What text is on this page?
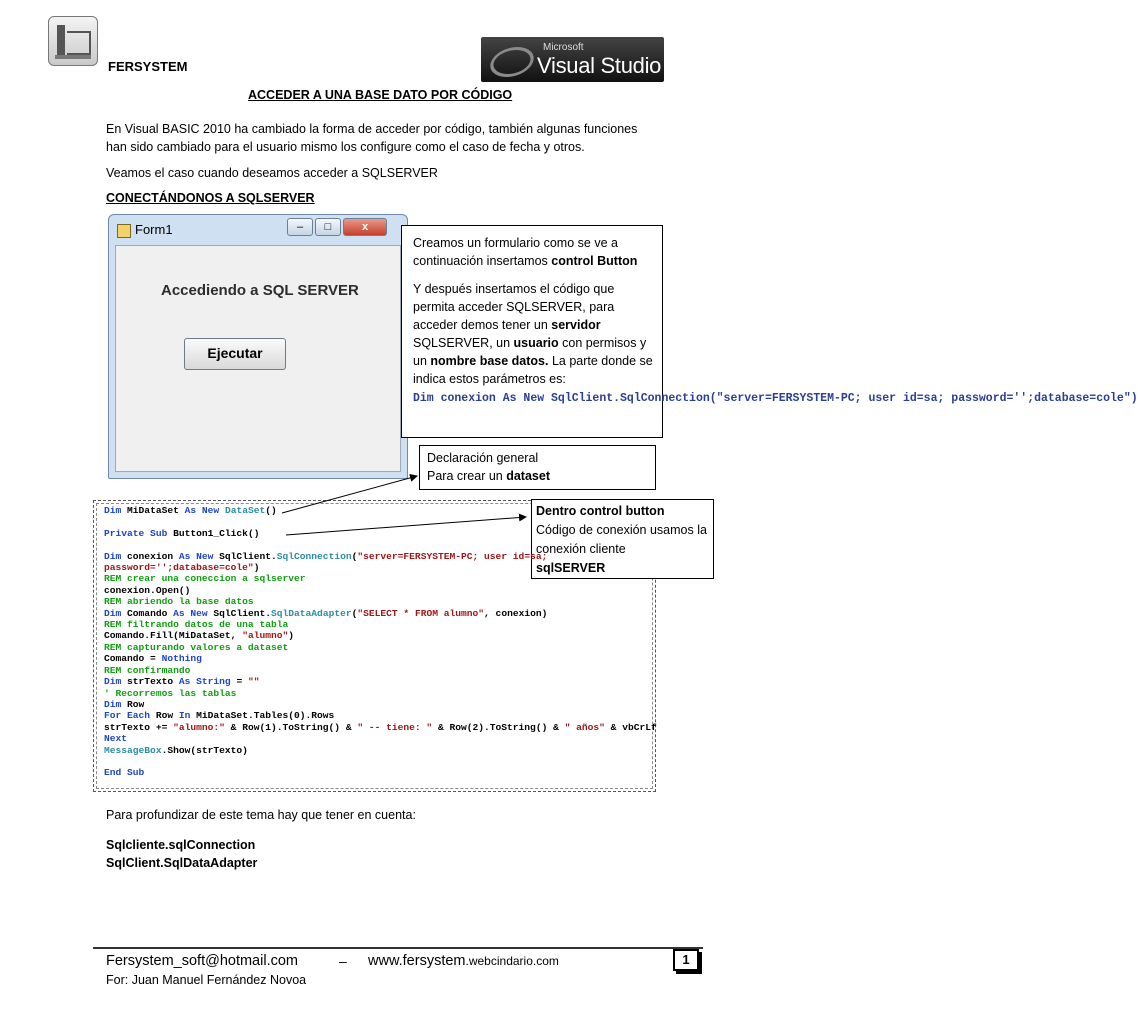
FERSYSTEM
Microsoft
Visual Studio
ACCEDER A UNA BASE DATO POR CÓDIGO
En Visual BASIC 2010 ha cambiado la forma de acceder por código, también algunas funciones han sido cambiado para el usuario mismo los configure como el caso de fecha y otros.
Veamos el caso cuando deseamos acceder a SQLSERVER
CONECTÁNDONOS A SQLSERVER
Form1	–	□	x
Accediendo a SQL SERVER
Ejecutar
Creamos un formulario como se ve a continuación insertamos control Button
Y después insertamos el código que permita acceder SQLSERVER, para acceder demos tener un servidor SQLSERVER, un usuario con permisos y un nombre base datos. La parte donde se indica estos parámetros es: Dim conexion As New SqlClient.SqlConnection("server=FERSYSTEM-PC; user id=sa; password='';database=cole")
Declaración general
Para crear un dataset
Dentro control button
Código de conexión usamos la conexión cliente
sqlSERVER
Dim MiDataSet As New DataSet()

Private Sub Button1_Click()

Dim conexion As New SqlClient.SqlConnection("server=FERSYSTEM-PC; user id=sa;
password='';database=cole")
REM crear una coneccion a sqlserver
conexion.Open()
REM abriendo la base datos
Dim Comando As New SqlClient.SqlDataAdapter("SELECT * FROM alumno", conexion)
REM filtrando datos de una tabla
Comando.Fill(MiDataSet, "alumno")
REM capturando valores a dataset
Comando = Nothing
REM confirmando
Dim strTexto As String = ""
' Recorremos las tablas
Dim Row
For Each Row In MiDataSet.Tables(0).Rows
strTexto += "alumno:" & Row(1).ToString() & " -- tiene: " & Row(2).ToString() & " años" & vbCrLf
Next
MessageBox.Show(strTexto)

End Sub
Para profundizar de este tema hay que tener en cuenta:
Sqlcliente.sqlConnection
SqlClient.SqlDataAdapter
Fersystem_soft@hotmail.com	– www.fersystem.webcindario.com
For: Juan Manuel Fernández Novoa
1
